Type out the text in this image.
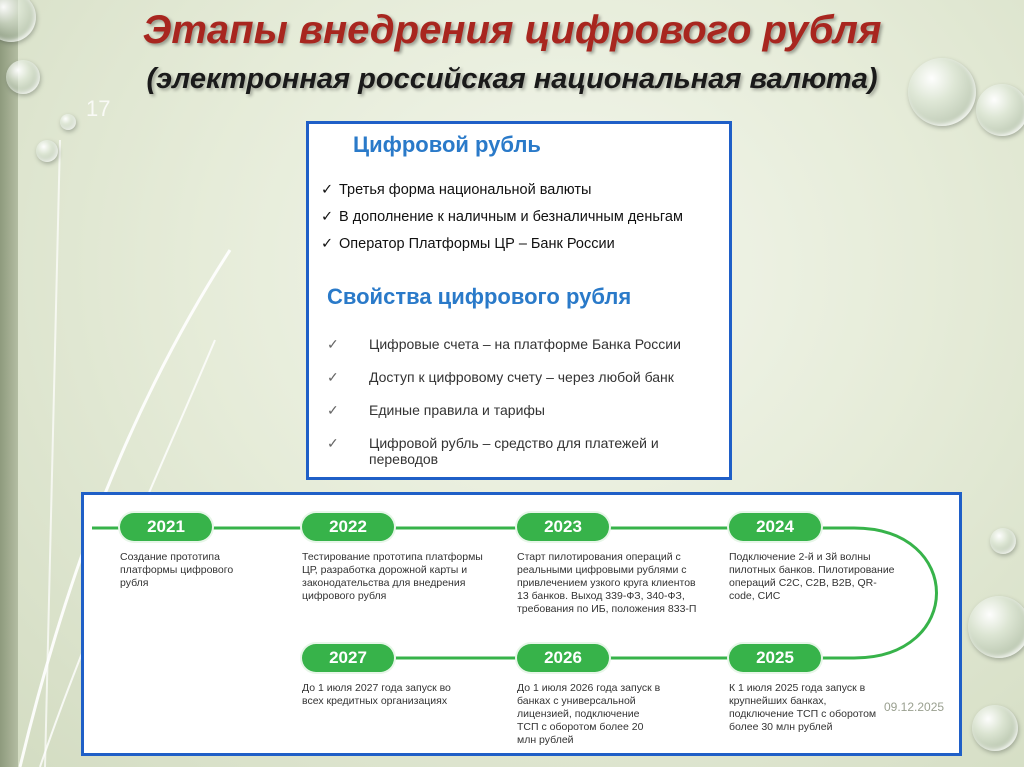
Этапы внедрения цифрового рубля
(электронная российская национальная валюта)
17
Цифровой рубль
✓ Третья форма национальной валюты
✓ В дополнение к наличным и безналичным деньгам
✓ Оператор Платформы ЦР – Банк России
Свойства цифрового рубля
✓	Цифровые счета – на платформе Банка России
✓	Доступ к цифровому счету – через любой банк
✓	Единые правила и тарифы
✓	Цифровой рубль – средство для платежей и переводов
2021
Создание прототипа платформы цифрового рубля
2022
Тестирование прототипа платформы ЦР, разработка дорожной карты и законодательства для внедрения цифрового рубля
2023
Старт пилотирования операций с реальными цифровыми рублями с привлечением узкого круга клиентов 13 банков. Выход 339-ФЗ, 340-ФЗ, требования по ИБ, положения 833-П
2024
Подключение 2-й и 3й волны пилотных банков. Пилотирование операций C2C, C2B, B2B, QR-code, СИС
2025
К 1 июля 2025 года запуск в крупнейших банках, подключение ТСП с оборотом более 30 млн рублей
2026
До 1 июля 2026 года запуск в банках с универсальной лицензией, подключение ТСП с оборотом более 20 млн рублей
2027
До 1 июля 2027 года запуск во всех кредитных организациях	09.12.2025
